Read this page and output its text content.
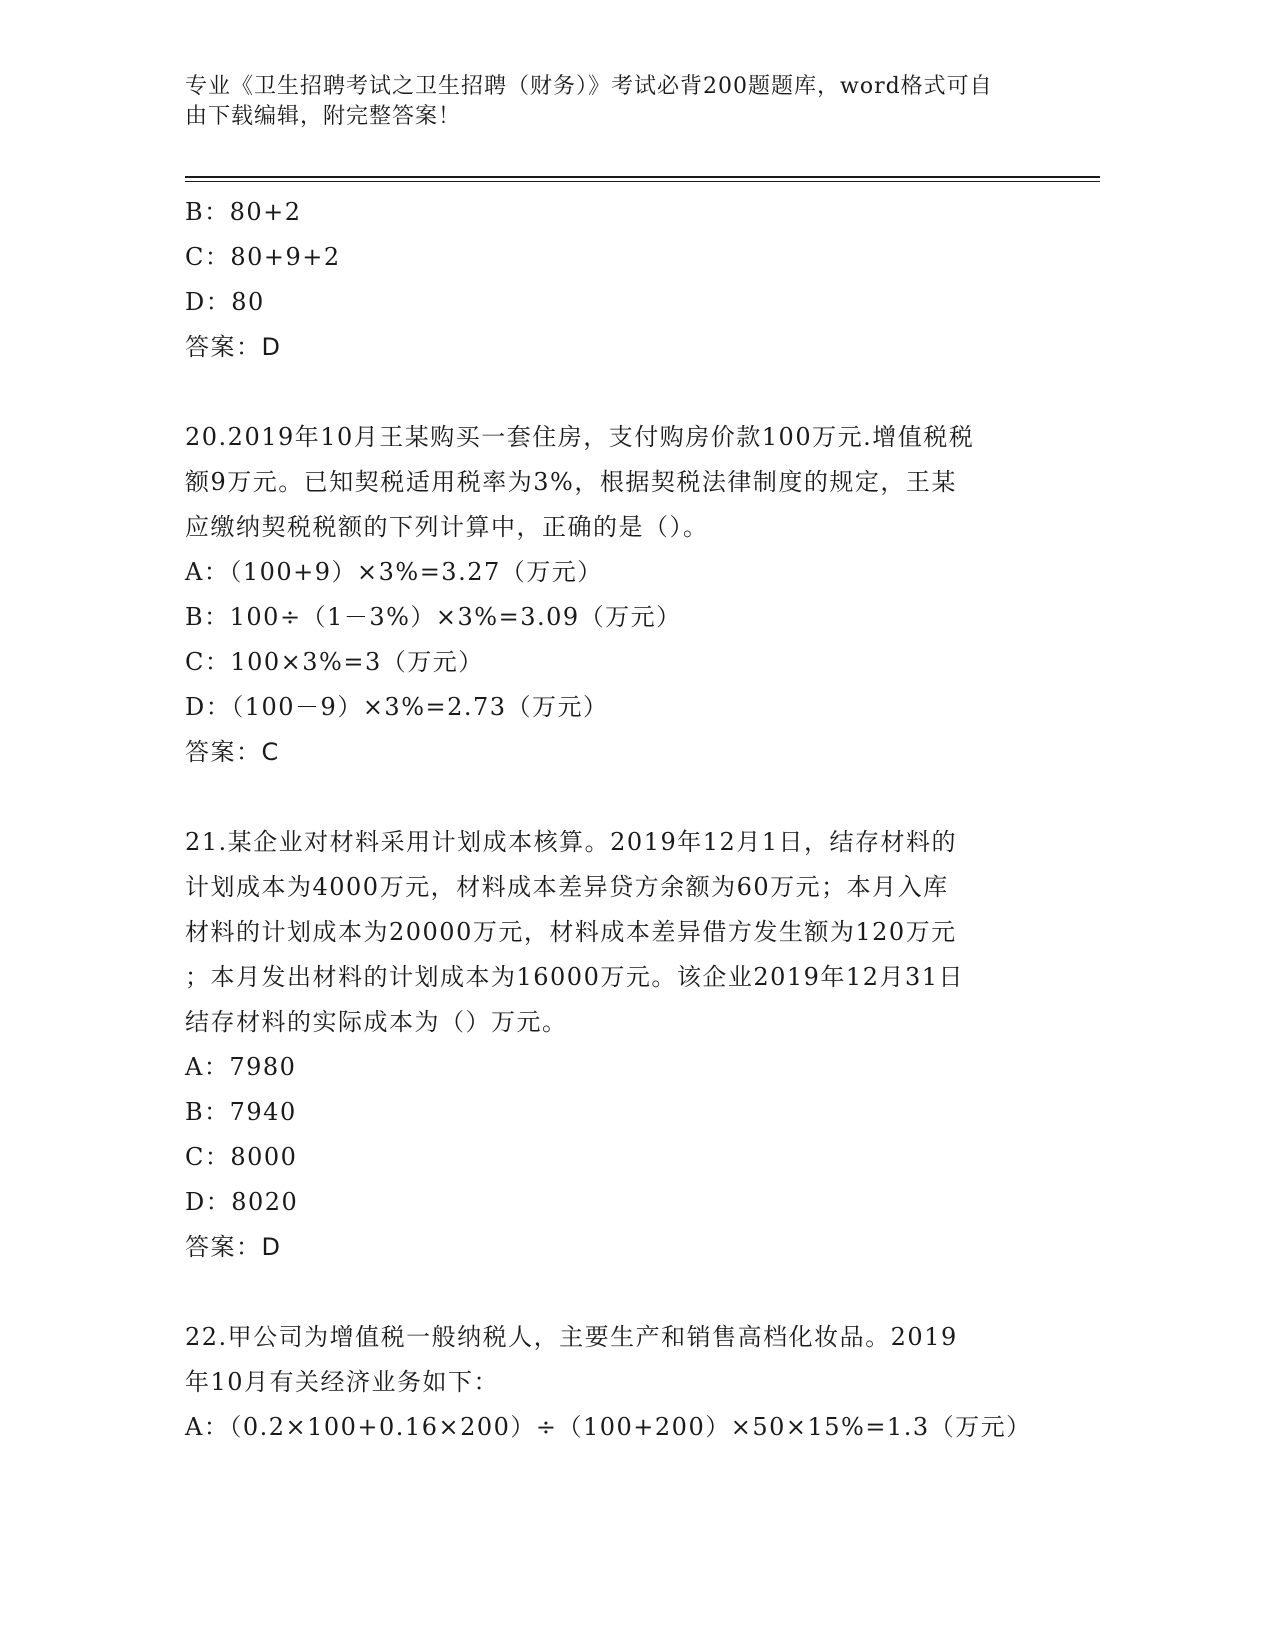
专业《卫生招聘考试之卫生招聘（财务）》考试必背200题题库，word格式可自
由下载编辑，附完整答案！
B：80+2
C：80+9+2
D：80
答案：D
20.2019年10月王某购买一套住房，支付购房价款100万元.增值税税
额9万元。已知契税适用税率为3%，根据契税法律制度的规定，王某
应缴纳契税税额的下列计算中，正确的是（）。
A：（100+9）×3%=3.27（万元）
B：100÷（1－3%）×3%=3.09（万元）
C：100×3%=3（万元）
D：（100－9）×3%=2.73（万元）
答案：C
21.某企业对材料采用计划成本核算。2019年12月1日，结存材料的
计划成本为4000万元，材料成本差异贷方余额为60万元；本月入库
材料的计划成本为20000万元，材料成本差异借方发生额为120万元
；本月发出材料的计划成本为16000万元。该企业2019年12月31日
结存材料的实际成本为（）万元。
A：7980
B：7940
C：8000
D：8020
答案：D
22.甲公司为增值税一般纳税人，主要生产和销售高档化妆品。2019
年10月有关经济业务如下：
A：（0.2×100+0.16×200）÷（100+200）×50×15%=1.3（万元）
